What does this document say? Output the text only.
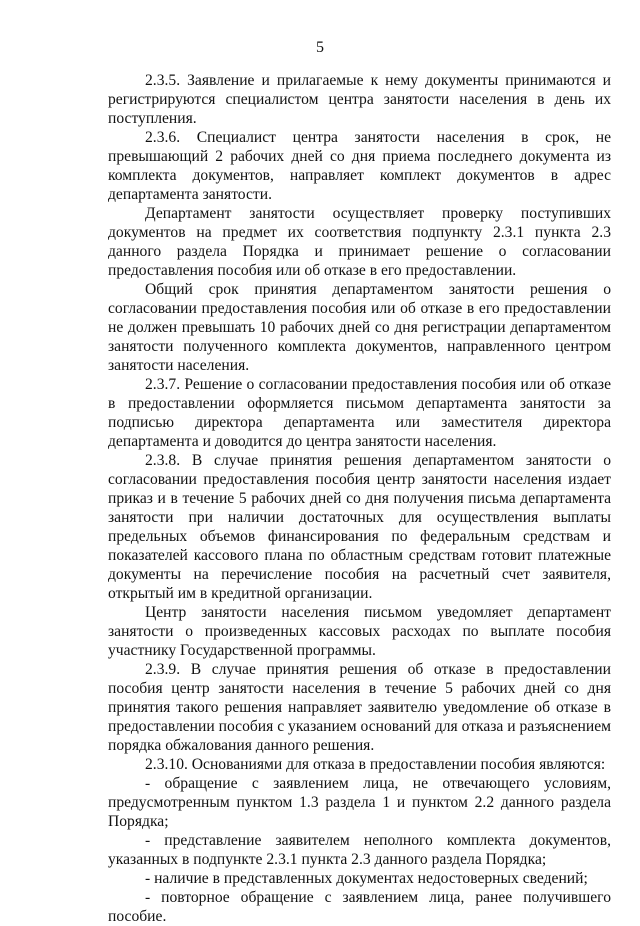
5

2.3.5. Заявление и прилагаемые к нему документы принимаются и регистрируются специалистом центра занятости населения в день их поступления.

2.3.6. Специалист центра занятости населения в срок, не превышающий 2 рабочих дней со дня приема последнего документа из комплекта документов, направляет комплект документов в адрес департамента занятости.

Департамент занятости осуществляет проверку поступивших документов на предмет их соответствия подпункту 2.3.1 пункта 2.3 данного раздела Порядка и принимает решение о согласовании предоставления пособия или об отказе в его предоставлении.

Общий срок принятия департаментом занятости решения о согласовании предоставления пособия или об отказе в его предоставлении не должен превышать 10 рабочих дней со дня регистрации департаментом занятости полученного комплекта документов, направленного центром занятости населения.

2.3.7. Решение о согласовании предоставления пособия или об отказе в предоставлении оформляется письмом департамента занятости за подписью директора департамента или заместителя директора департамента и доводится до центра занятости населения.

2.3.8. В случае принятия решения департаментом занятости о согласовании предоставления пособия центр занятости населения издает приказ и в течение 5 рабочих дней со дня получения письма департамента занятости при наличии достаточных для осуществления выплаты предельных объемов финансирования по федеральным средствам и показателей кассового плана по областным средствам готовит платежные документы на перечисление пособия на расчетный счет заявителя, открытый им в кредитной организации.

Центр занятости населения письмом уведомляет департамент занятости о произведенных кассовых расходах по выплате пособия участнику Государственной программы.

2.3.9. В случае принятия решения об отказе в предоставлении пособия центр занятости населения в течение 5 рабочих дней со дня принятия такого решения направляет заявителю уведомление об отказе в предоставлении пособия с указанием оснований для отказа и разъяснением порядка обжалования данного решения.

2.3.10. Основаниями для отказа в предоставлении пособия являются:

- обращение с заявлением лица, не отвечающего условиям, предусмотренным пунктом 1.3 раздела 1 и пунктом 2.2 данного раздела Порядка;

- представление заявителем неполного комплекта документов, указанных в подпункте 2.3.1 пункта 2.3 данного раздела Порядка;

- наличие в представленных документах недостоверных сведений;

- повторное обращение с заявлением лица, ранее получившего пособие.
